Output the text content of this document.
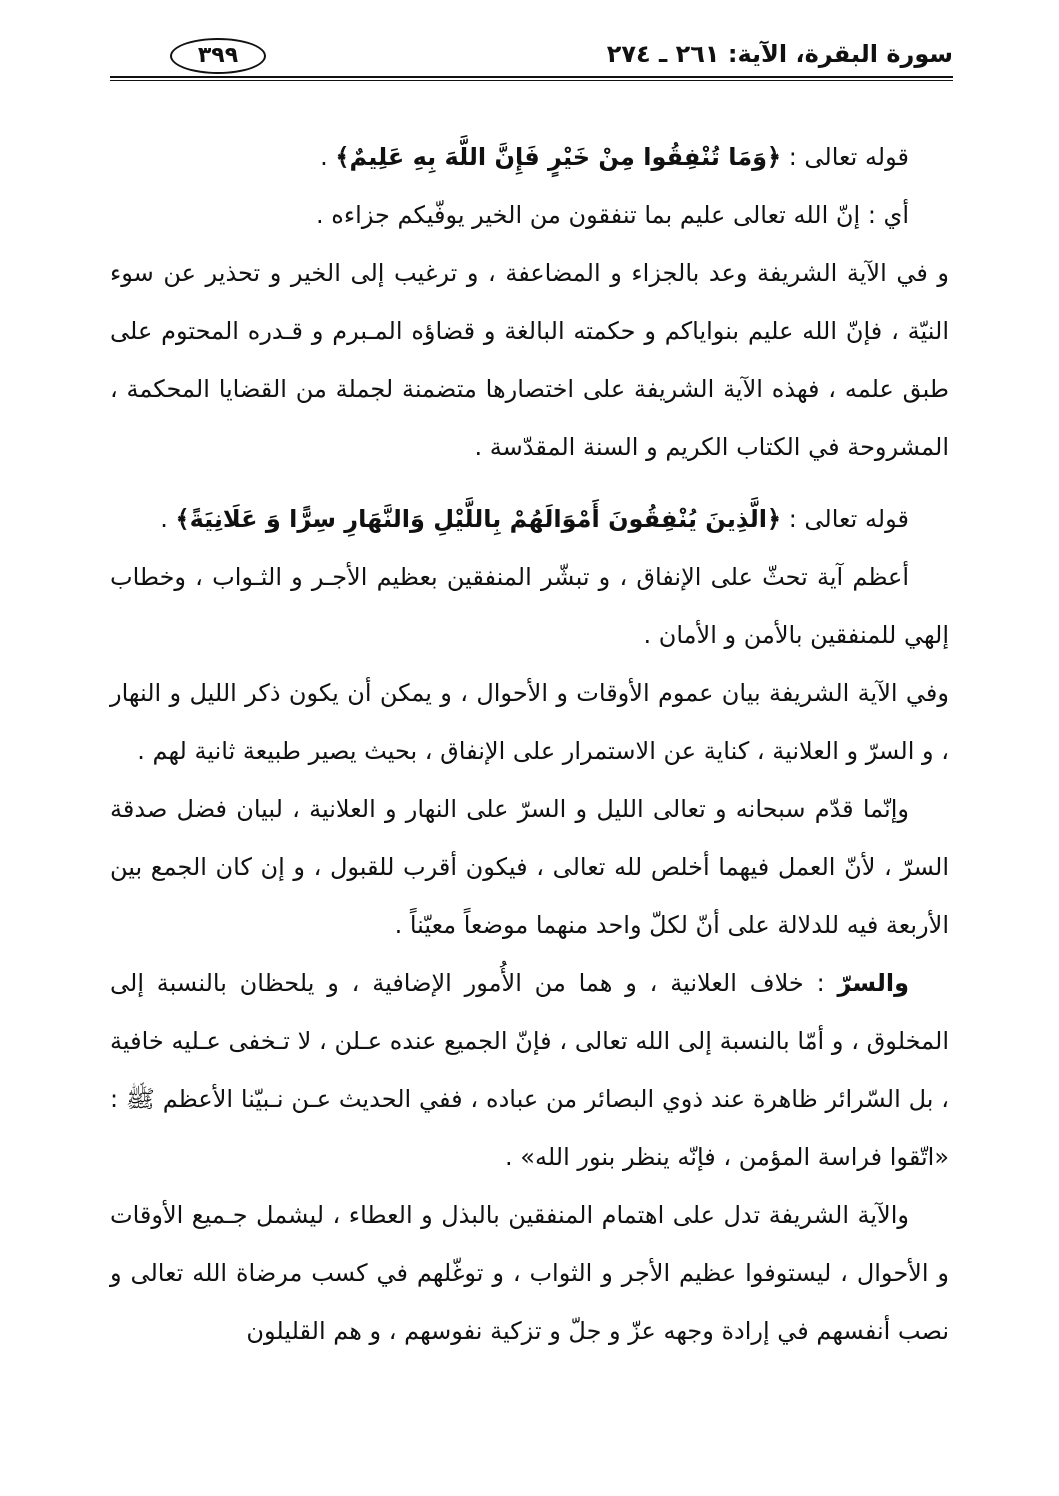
سورة البقرة، الآية: ٢٦١ ـ ٢٧٤
٣٩٩

قوله تعالى : ﴿وَمَا تُنْفِقُوا مِنْ خَيْرٍ فَإِنَّ اللَّهَ بِهِ عَلِيمٌ﴾ .

أي : إنّ الله تعالى عليم بما تنفقون من الخير يوفّيكم جزاءه .

و في الآية الشريفة وعد بالجزاء و المضاعفة ، و ترغيب إلى الخير و تحذير عن سوء النيّة ، فإنّ الله عليم بنواياكم و حكمته البالغة و قضاؤه المـبرم و قـدره المحتوم على طبق علمه ، فهذه الآية الشريفة على اختصارها متضمنة لجملة من القضايا المحكمة ، المشروحة في الكتاب الكريم و السنة المقدّسة .

قوله تعالى : ﴿الَّذِينَ يُنْفِقُونَ أَمْوَالَهُمْ بِاللَّيْلِ وَالنَّهَارِ سِرًّا وَ عَلَانِيَةً﴾ .

أعظم آية تحثّ على الإنفاق ، و تبشّر المنفقين بعظيم الأجـر و الثـواب ، وخطاب إلهي للمنفقين بالأمن و الأمان .

وفي الآية الشريفة بيان عموم الأوقات و الأحوال ، و يمكن أن يكون ذكر الليل و النهار ، و السرّ و العلانية ، كناية عن الاستمرار على الإنفاق ، بحيث يصير طبيعة ثانية لهم .

وإنّما قدّم سبحانه و تعالى الليل و السرّ على النهار و العلانية ، لبيان فضل صدقة السرّ ، لأنّ العمل فيهما أخلص لله تعالى ، فيكون أقرب للقبول ، و إن كان الجمع بين الأربعة فيه للدلالة على أنّ لكلّ واحد منهما موضعاً معيّناً .

والسرّ : خلاف العلانية ، و هما من الأُمور الإضافية ، و يلحظان بالنسبة إلى المخلوق ، و أمّا بالنسبة إلى الله تعالى ، فإنّ الجميع عنده عـلن ، لا تـخفى عـليه خافية ، بل السّرائر ظاهرة عند ذوي البصائر من عباده ، ففي الحديث عـن نـبيّنا الأعظم ﷺ : «اتّقوا فراسة المؤمن ، فإنّه ينظر بنور الله» .

والآية الشريفة تدل على اهتمام المنفقين بالبذل و العطاء ، ليشمل جـميع الأوقات و الأحوال ، ليستوفوا عظيم الأجر و الثواب ، و توغّلهم في كسب مرضاة الله تعالى و نصب أنفسهم في إرادة وجهه عزّ و جلّ و تزكية نفوسهم ، و هم القليلون
